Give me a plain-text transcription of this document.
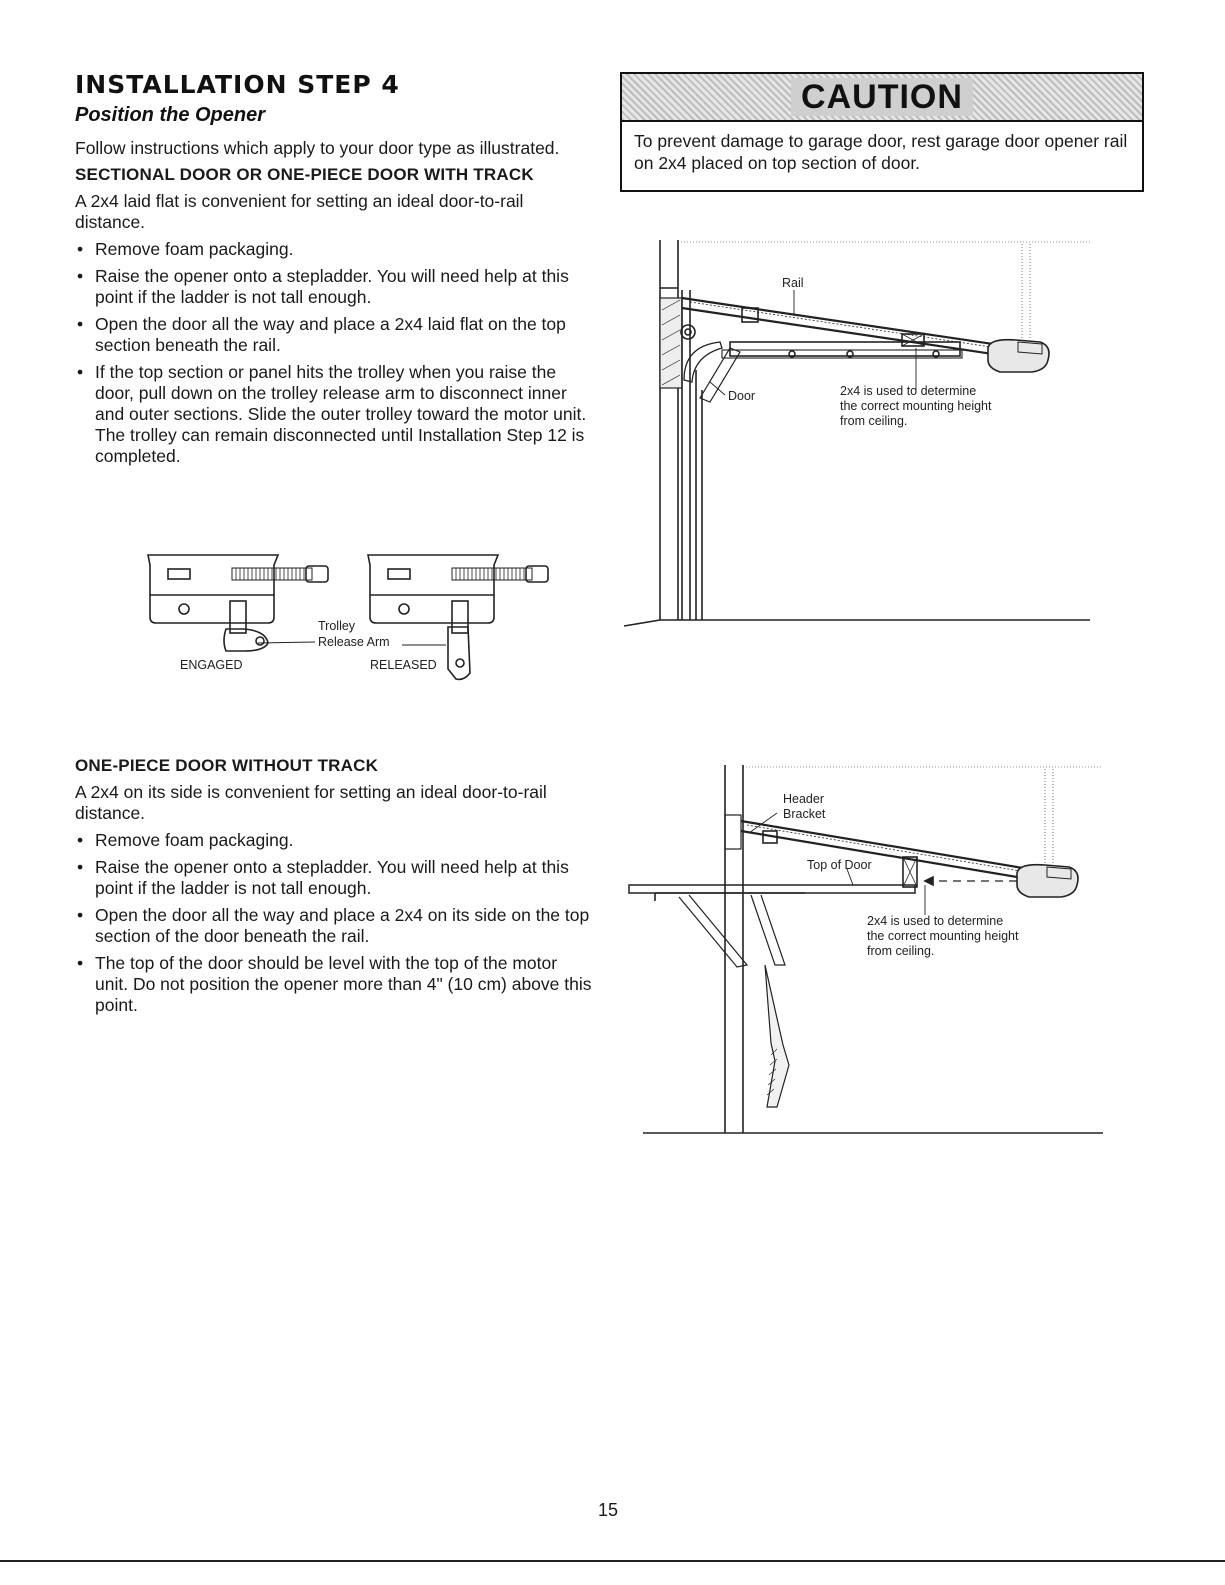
INSTALLATION STEP 4
Position the Opener
Follow instructions which apply to your door type as illustrated.
SECTIONAL DOOR OR ONE-PIECE DOOR WITH TRACK
A 2x4 laid flat is convenient for setting an ideal door-to-rail distance.
• Remove foam packaging.
• Raise the opener onto a stepladder. You will need help at this point if the ladder is not tall enough.
• Open the door all the way and place a 2x4 laid flat on the top section beneath the rail.
• If the top section or panel hits the trolley when you raise the door, pull down on the trolley release arm to disconnect inner and outer sections. Slide the outer trolley toward the motor unit. The trolley can remain disconnected until Installation Step 12 is completed.
Trolley
Release Arm
ENGAGED	RELEASED
ONE-PIECE DOOR WITHOUT TRACK
A 2x4 on its side is convenient for setting an ideal door-to-rail distance.
• Remove foam packaging.
• Raise the opener onto a stepladder. You will need help at this point if the ladder is not tall enough.
• Open the door all the way and place a 2x4 on its side on the top section of the door beneath the rail.
• The top of the door should be level with the top of the motor unit. Do not position the opener more than 4" (10 cm) above this point.
CAUTION
To prevent damage to garage door, rest garage door opener rail on 2x4 placed on top section of door.
Rail
Door	2x4 is used to determine
the correct mounting height
from ceiling.
Header
Bracket
Top of Door
2x4 is used to determine
the correct mounting height
from ceiling.
15
